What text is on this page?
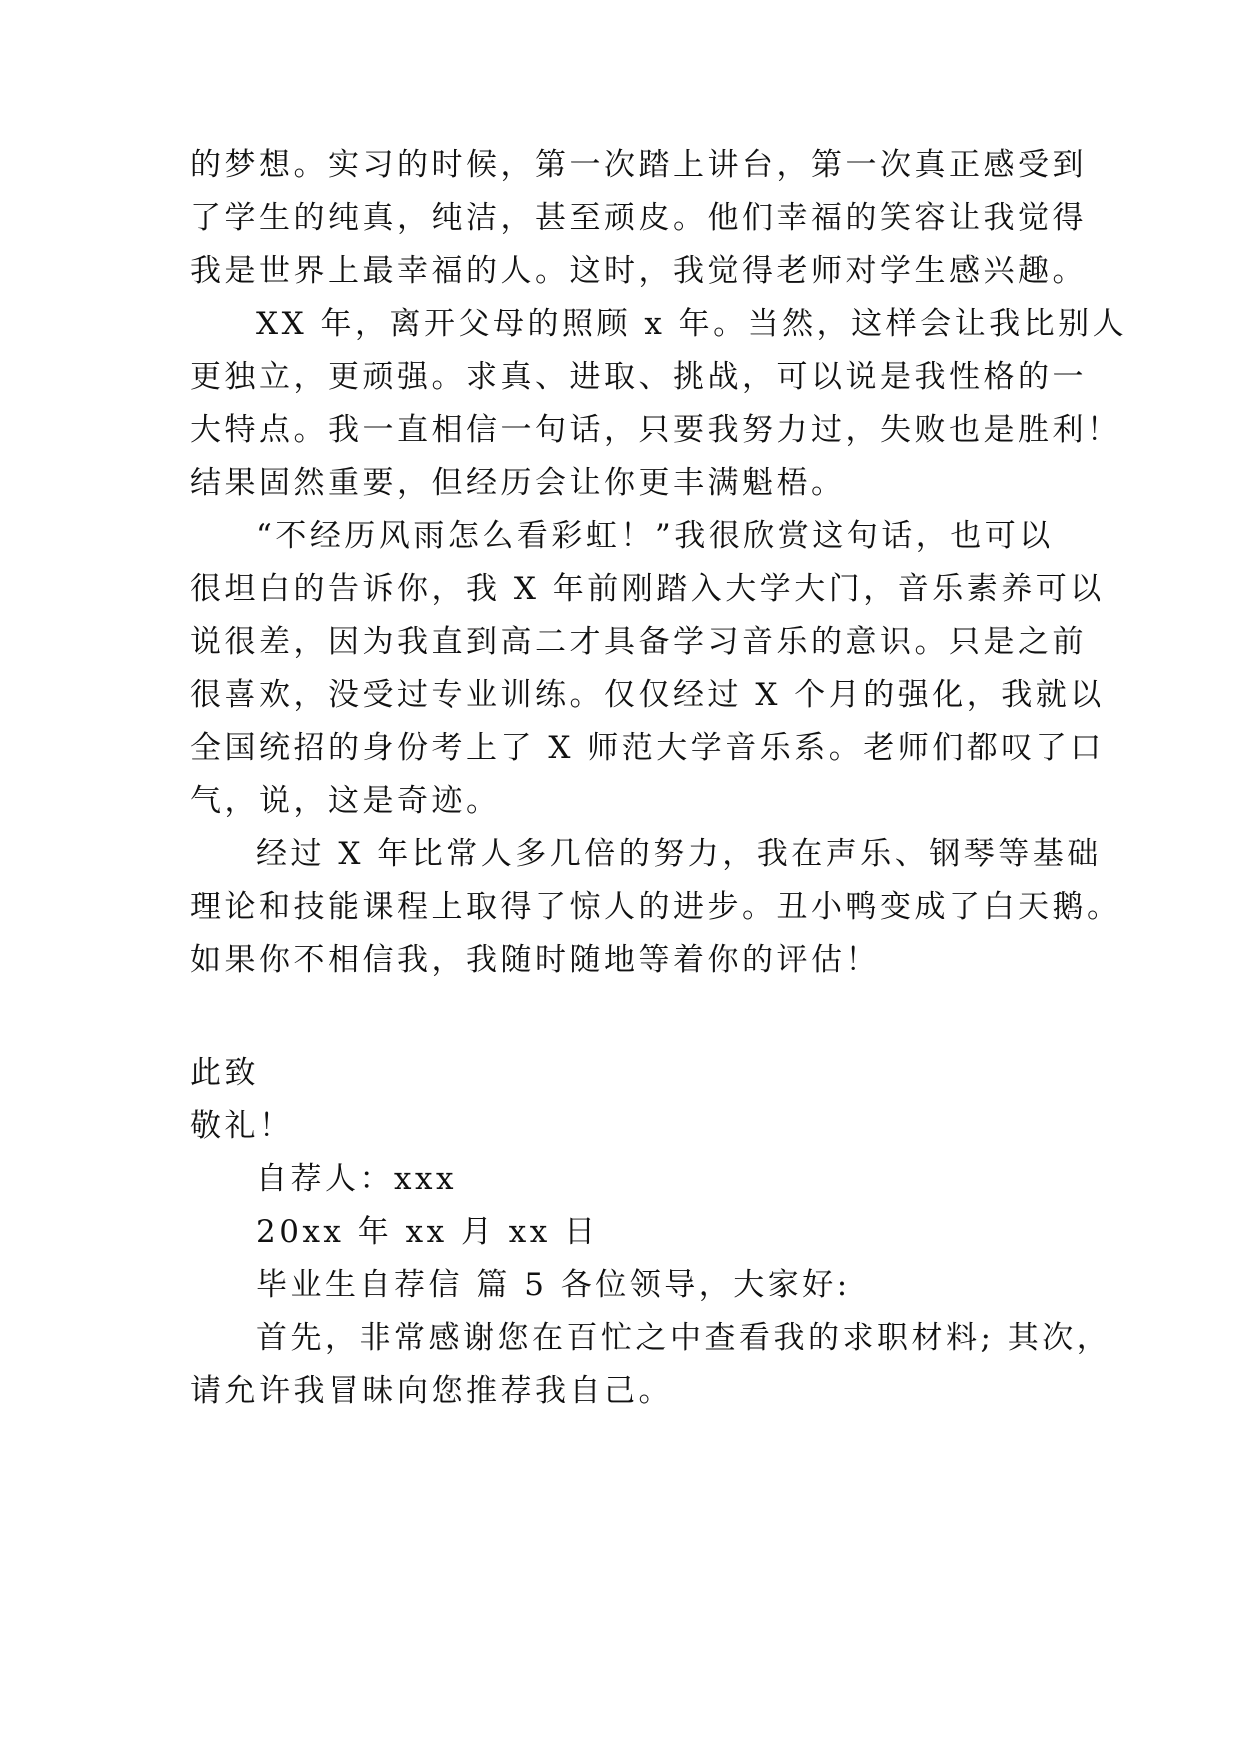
的梦想。实习的时候，第一次踏上讲台，第一次真正感受到
了学生的纯真，纯洁，甚至顽皮。他们幸福的笑容让我觉得
我是世界上最幸福的人。这时，我觉得老师对学生感兴趣。
XX 年，离开父母的照顾 x 年。当然，这样会让我比别人
更独立，更顽强。求真、进取、挑战，可以说是我性格的一
大特点。我一直相信一句话，只要我努力过，失败也是胜利！
结果固然重要，但经历会让你更丰满魁梧。
“不经历风雨怎么看彩虹！”我很欣赏这句话，也可以
很坦白的告诉你，我 X 年前刚踏入大学大门，音乐素养可以
说很差，因为我直到高二才具备学习音乐的意识。只是之前
很喜欢，没受过专业训练。仅仅经过 X 个月的强化，我就以
全国统招的身份考上了 X 师范大学音乐系。老师们都叹了口
气，说，这是奇迹。
经过 X 年比常人多几倍的努力，我在声乐、钢琴等基础
理论和技能课程上取得了惊人的进步。丑小鸭变成了白天鹅。
如果你不相信我，我随时随地等着你的评估！
此致
敬礼！
自荐人：xxx
20xx 年 xx 月 xx 日
毕业生自荐信 篇 5 各位领导，大家好:
首先，非常感谢您在百忙之中查看我的求职材料; 其次，
请允许我冒昧向您推荐我自己。
